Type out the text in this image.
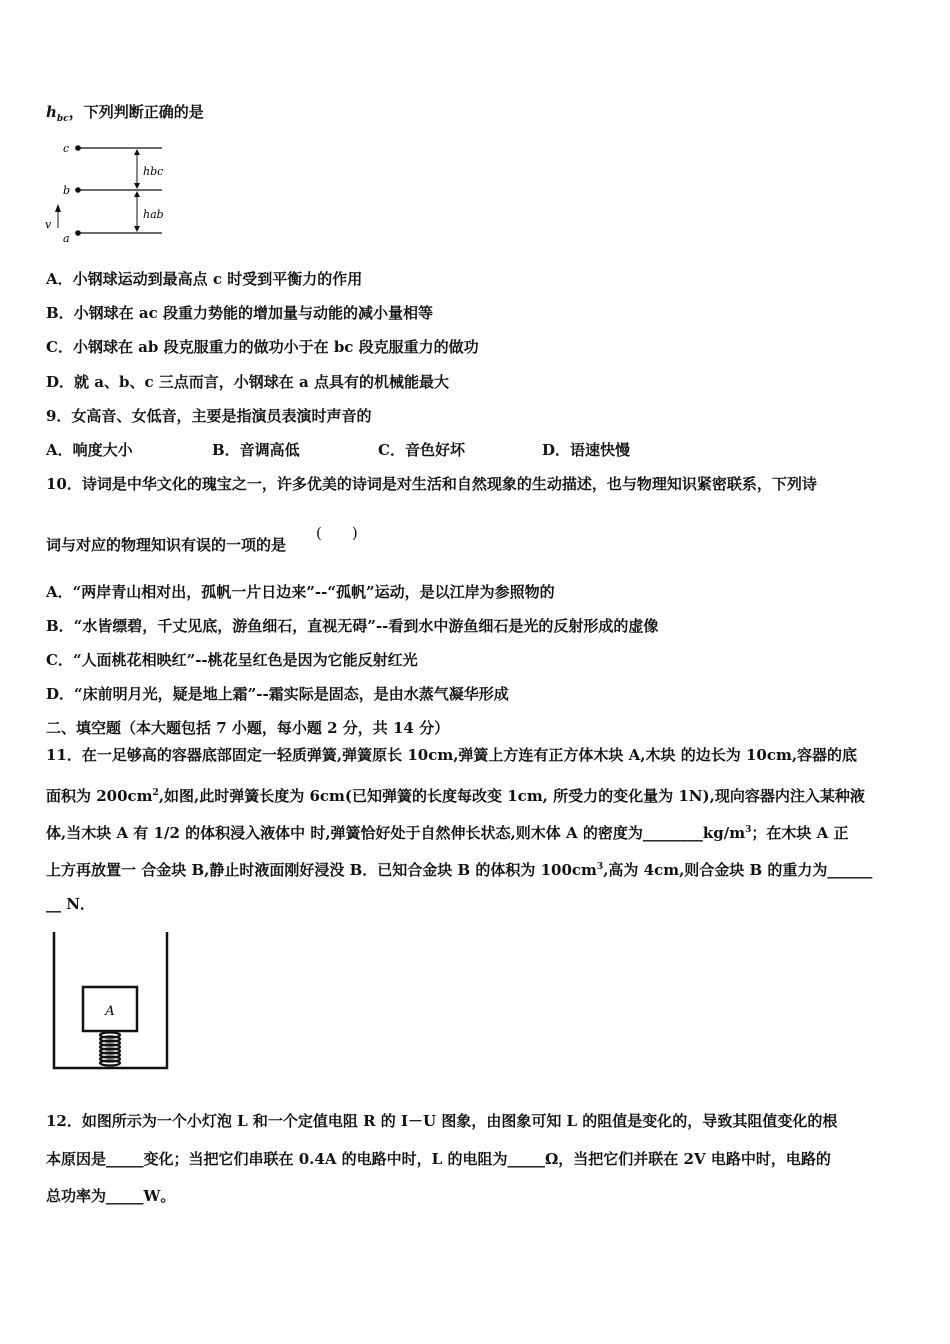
$h_{bc}$，下列判断正确的是
c
b
a
v
hbc
hab
A．小钢球运动到最高点 c 时受到平衡力的作用
B．小钢球在 ac 段重力势能的增加量与动能的减小量相等
C．小钢球在 ab 段克服重力的做功小于在 bc 段克服重力的做功
D．就 a、b、c 三点而言，小钢球在 a 点具有的机械能最大
9．女高音、女低音，主要是指演员表演时声音的
A．响度大小	B．音调高低	C．音色好坏	D．语速快慢
10．诗词是中华文化的瑰宝之一，许多优美的诗词是对生活和自然现象的生动描述，也与物理知识紧密联系，下列诗
词与对应的物理知识有误的一项的是
(　　)
A．“两岸青山相对出，孤帆一片日边来”--“孤帆”运动，是以江岸为参照物的
B．“水皆缥碧，千丈见底，游鱼细石，直视无碍”--看到水中游鱼细石是光的反射形成的虚像
C．“人面桃花相映红”--桃花呈红色是因为它能反射红光
D．“床前明月光，疑是地上霜”--霜实际是固态，是由水蒸气凝华形成
二、填空题（本大题包括 7 小题，每小题 2 分，共 14 分）
11．在一足够高的容器底部固定一轻质弹簧,弹簧原长 10cm,弹簧上方连有正方体木块 A,木块 的边长为 10cm,容器的底
面积为 $200cm^2$,如图,此时弹簧长度为 6cm(已知弹簧的长度每改变 1cm, 所受力的变化量为 1N),现向容器内注入某种液
体,当木块 A 有 1/2 的体积浸入液体中 时,弹簧恰好处于自然伸长状态,则木体 A 的密度为$\_\_\_\_\_\_\_\_kg/m^3$；在木块 A 正
上方再放置一 合金块 B,静止时液面刚好浸没 B．已知合金块 B 的体积为 $100cm^3$,高为 4cm,则合金块 B 的重力为______
__ N．
A
12．如图所示为一个小灯泡 L 和一个定值电阻 R 的 I－U 图象，由图象可知 L 的阻值是变化的，导致其阻值变化的根
本原因是_____变化；当把它们串联在 0.4A 的电路中时，L 的电阻为_____Ω，当把它们并联在 2V 电路中时，电路的
总功率为_____W。
